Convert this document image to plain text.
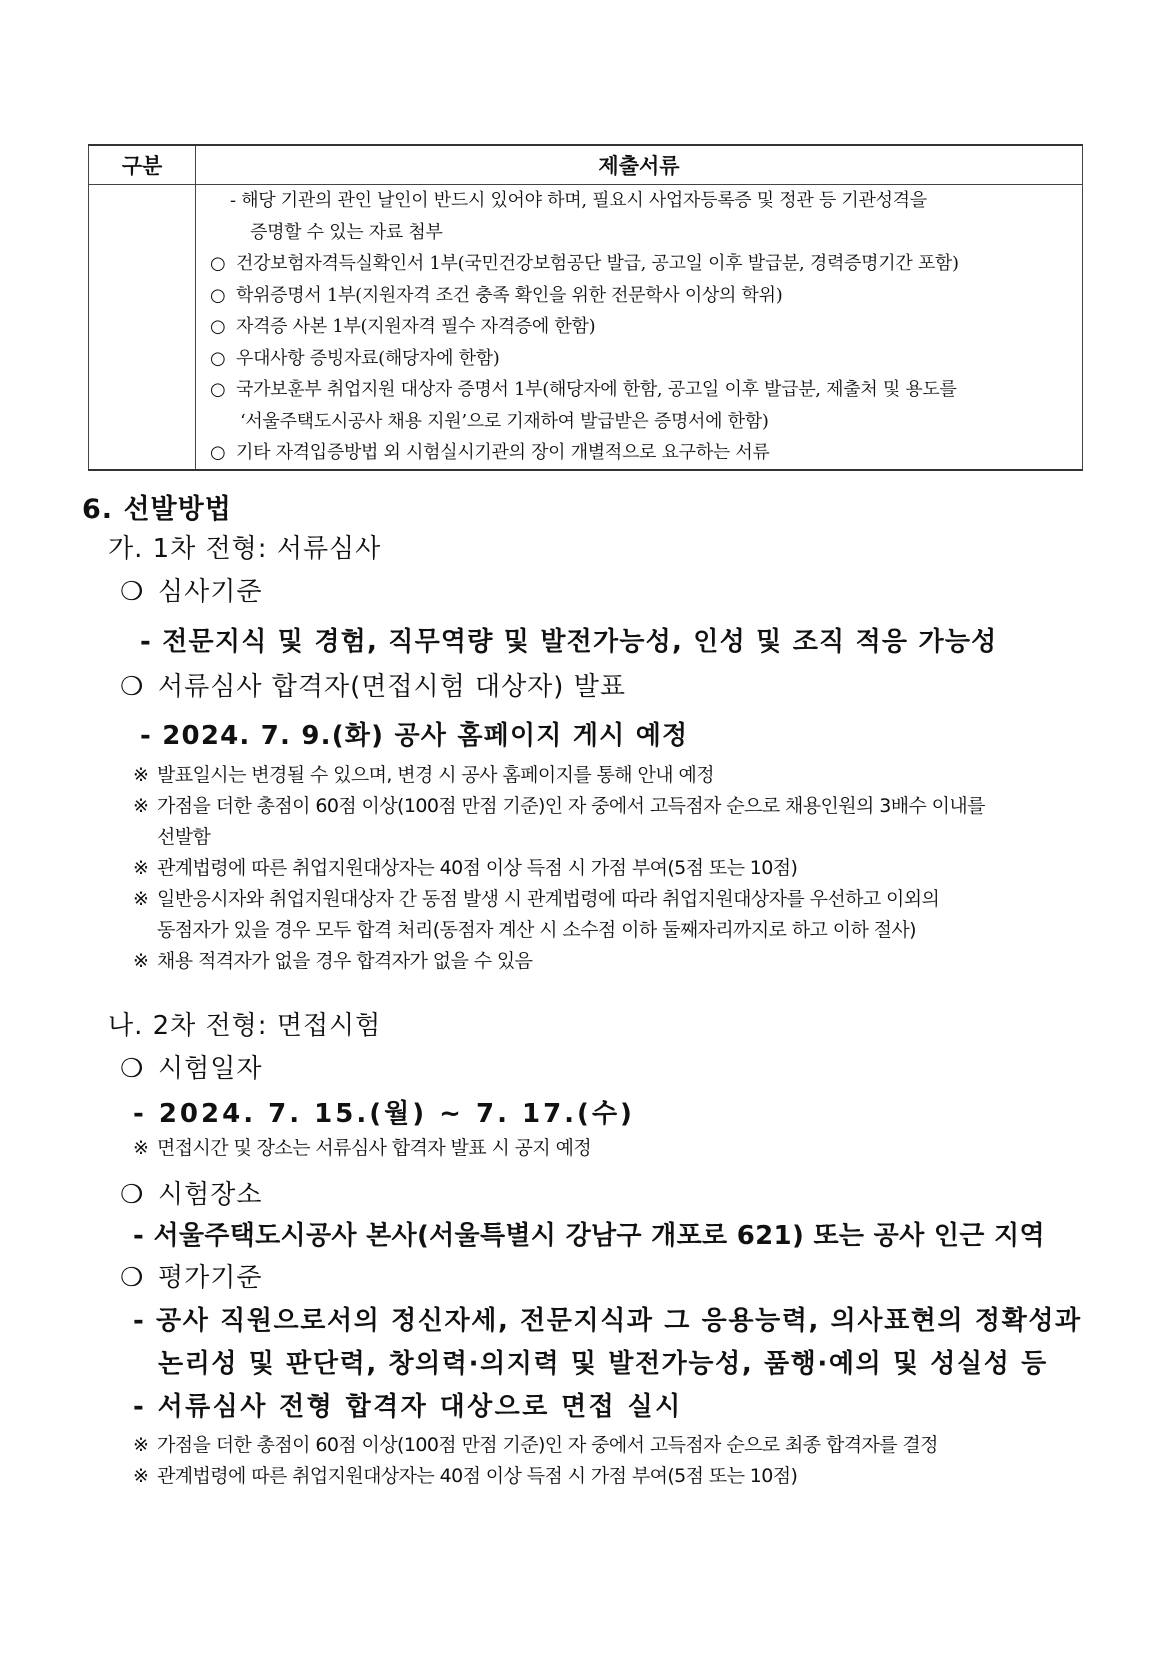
구분	제출서류

- 해당 기관의 관인 날인이 반드시 있어야 하며, 필요시 사업자등록증 및 정관 등 기관성격을
증명할 수 있는 자료 첨부
○ 건강보험자격득실확인서 1부(국민건강보험공단 발급, 공고일 이후 발급분, 경력증명기간 포함)
○ 학위증명서 1부(지원자격 조건 충족 확인을 위한 전문학사 이상의 학위)
○ 자격증 사본 1부(지원자격 필수 자격증에 한함)
○ 우대사항 증빙자료(해당자에 한함)
○ 국가보훈부 취업지원 대상자 증명서 1부(해당자에 한함, 공고일 이후 발급분, 제출처 및 용도를
‘서울주택도시공사 채용 지원’으로 기재하여 발급받은 증명서에 한함)
○ 기타 자격입증방법 외 시험실시기관의 장이 개별적으로 요구하는 서류
6. 선발방법
가. 1차 전형: 서류심사
❍ 심사기준
- 전문지식 및 경험, 직무역량 및 발전가능성, 인성 및 조직 적응 가능성
❍ 서류심사 합격자(면접시험 대상자) 발표
- 2024. 7. 9.(화) 공사 홈페이지 게시 예정
※ 발표일시는 변경될 수 있으며, 변경 시 공사 홈페이지를 통해 안내 예정
※ 가점을 더한 총점이 60점 이상(100점 만점 기준)인 자 중에서 고득점자 순으로 채용인원의 3배수 이내를
선발함
※ 관계법령에 따른 취업지원대상자는 40점 이상 득점 시 가점 부여(5점 또는 10점)
※ 일반응시자와 취업지원대상자 간 동점 발생 시 관계법령에 따라 취업지원대상자를 우선하고 이외의
동점자가 있을 경우 모두 합격 처리(동점자 계산 시 소수점 이하 둘째자리까지로 하고 이하 절사)
※ 채용 적격자가 없을 경우 합격자가 없을 수 있음
나. 2차 전형: 면접시험
❍ 시험일자
- 2024. 7. 15.(월) ~ 7. 17.(수)
※ 면접시간 및 장소는 서류심사 합격자 발표 시 공지 예정
❍ 시험장소
- 서울주택도시공사 본사(서울특별시 강남구 개포로 621) 또는 공사 인근 지역
❍ 평가기준
- 공사 직원으로서의 정신자세, 전문지식과 그 응용능력, 의사표현의 정확성과
논리성 및 판단력, 창의력·의지력 및 발전가능성, 품행·예의 및 성실성 등
- 서류심사 전형 합격자 대상으로 면접 실시
※ 가점을 더한 총점이 60점 이상(100점 만점 기준)인 자 중에서 고득점자 순으로 최종 합격자를 결정
※ 관계법령에 따른 취업지원대상자는 40점 이상 득점 시 가점 부여(5점 또는 10점)
